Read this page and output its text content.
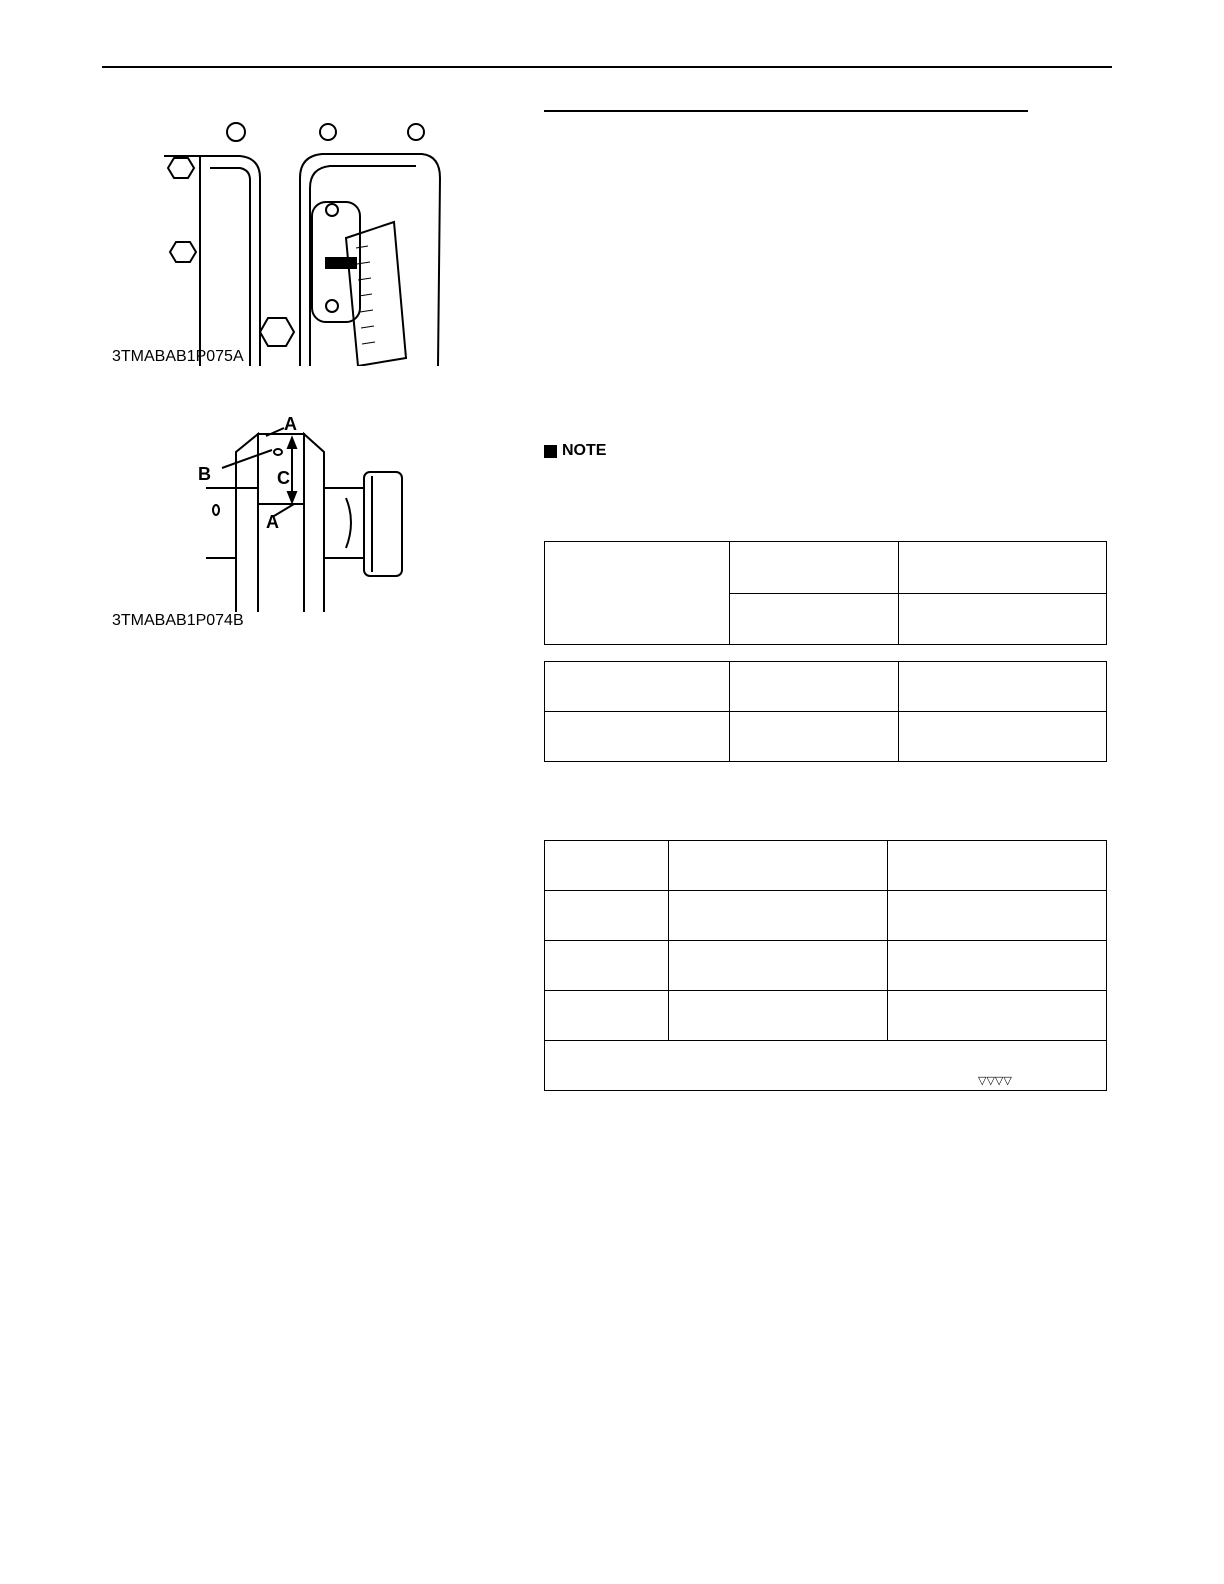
3TMABAB1P075A
A
B	C
A
3TMABAB1P074B
NOTE

▽▽▽▽
